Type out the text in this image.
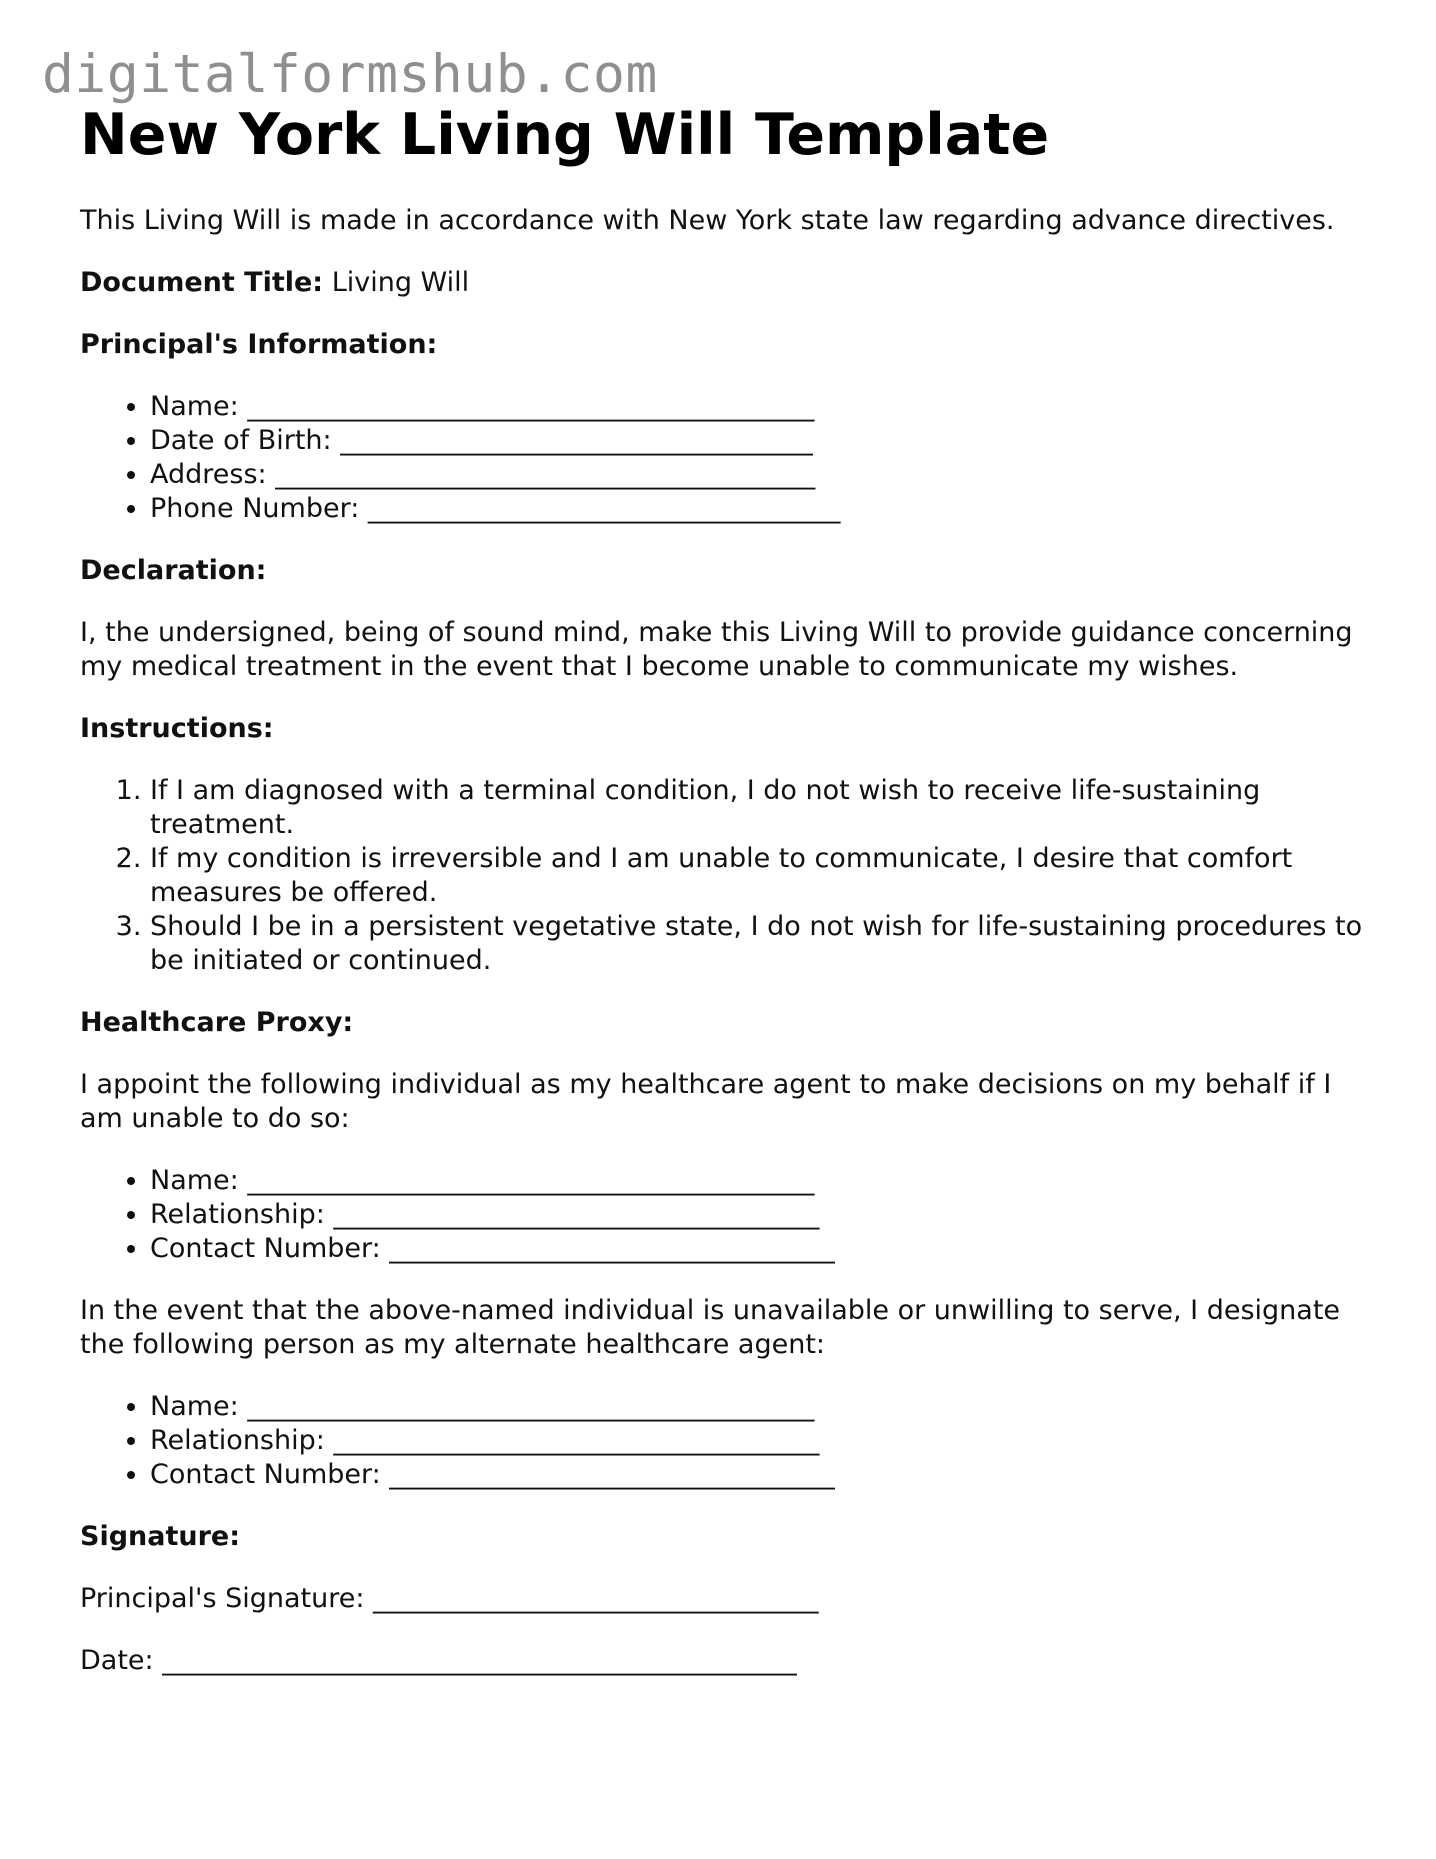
digitalformshub.com
New York Living Will Template

This Living Will is made in accordance with New York state law regarding advance directives.

Document Title: Living Will

Principal's Information:

• Name: __________________________________________
• Date of Birth: ___________________________________
• Address: ________________________________________
• Phone Number: ___________________________________

Declaration:

I, the undersigned, being of sound mind, make this Living Will to provide guidance concerning my medical treatment in the event that I become unable to communicate my wishes.

Instructions:

1. If I am diagnosed with a terminal condition, I do not wish to receive life-sustaining treatment.
2. If my condition is irreversible and I am unable to communicate, I desire that comfort measures be offered.
3. Should I be in a persistent vegetative state, I do not wish for life-sustaining procedures to be initiated or continued.

Healthcare Proxy:

I appoint the following individual as my healthcare agent to make decisions on my behalf if I am unable to do so:

• Name: __________________________________________
• Relationship: ____________________________________
• Contact Number: _________________________________

In the event that the above-named individual is unavailable or unwilling to serve, I designate the following person as my alternate healthcare agent:

• Name: __________________________________________
• Relationship: ____________________________________
• Contact Number: _________________________________

Signature:

Principal's Signature: _________________________________

Date: _______________________________________________
